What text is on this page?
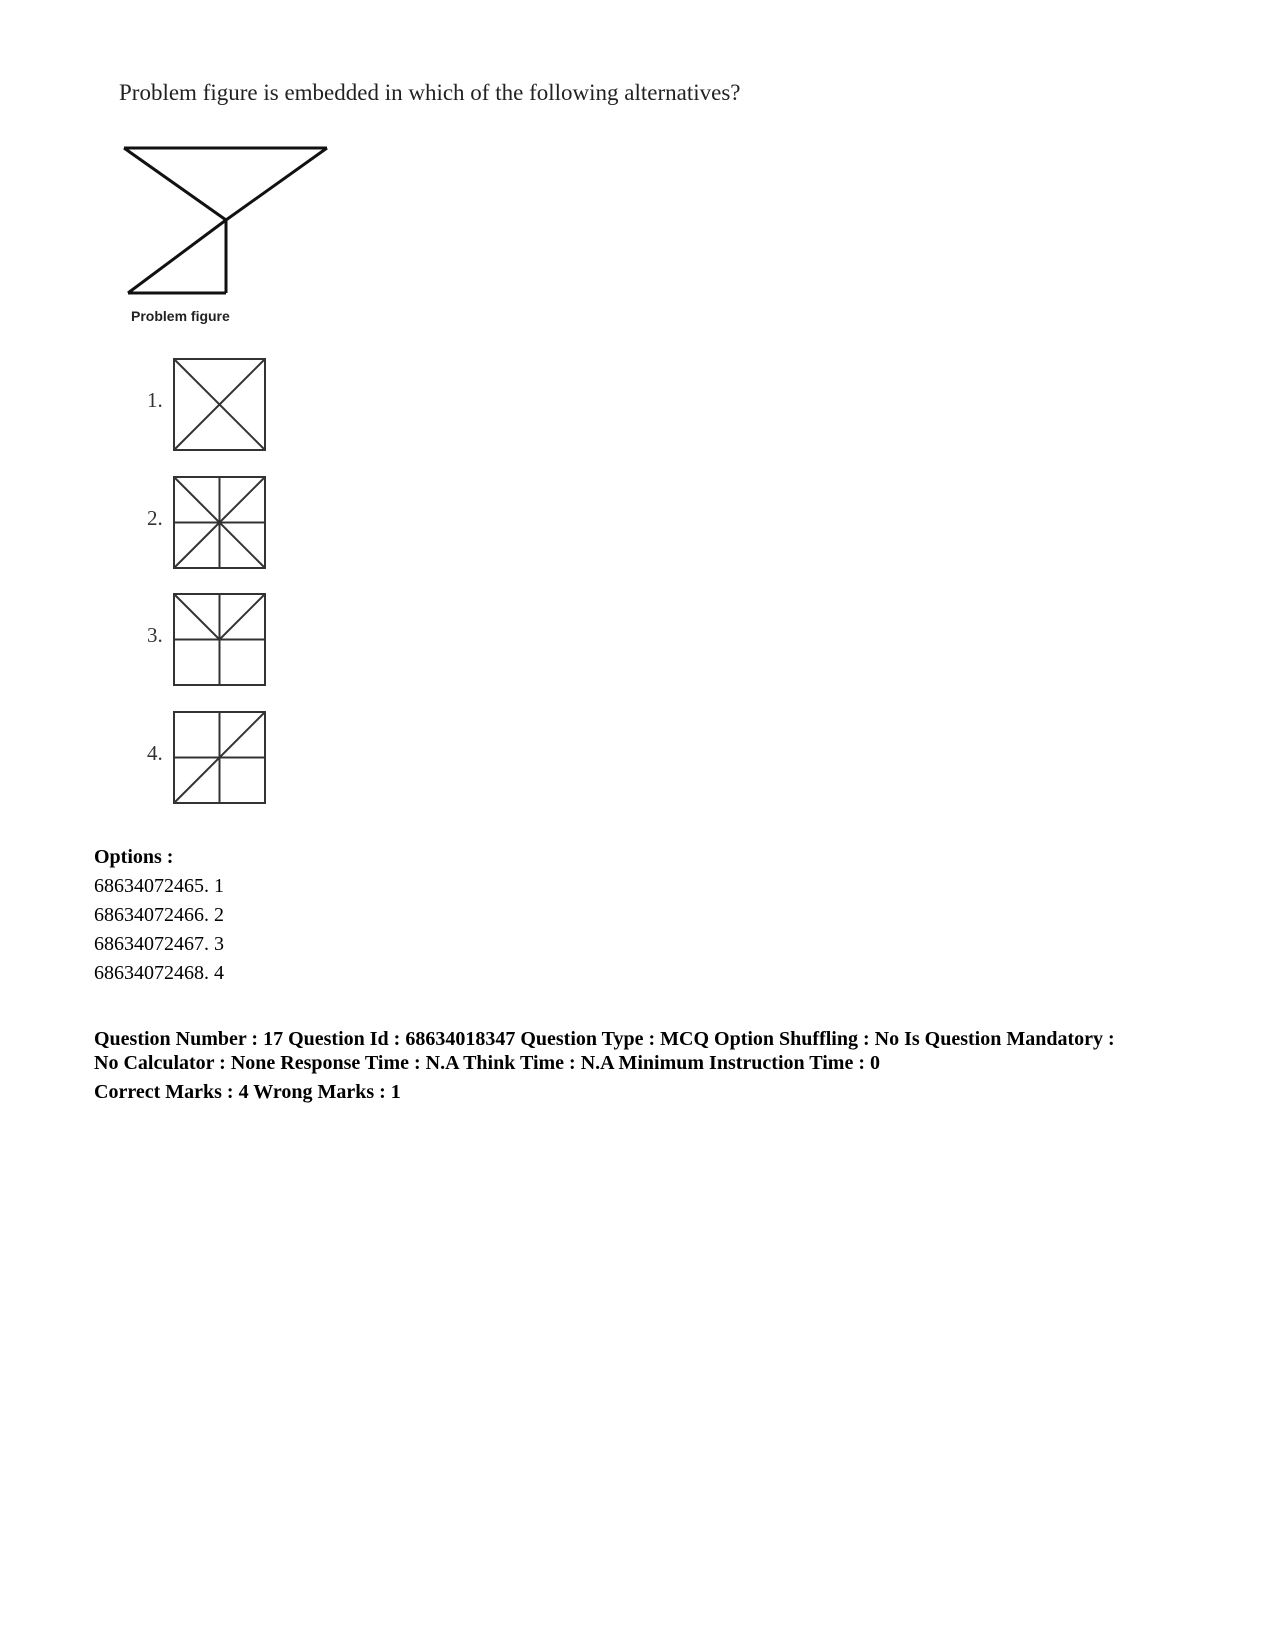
Problem figure is embedded in which of the following alternatives?
Problem figure
1.
2.
3.
4.
Options :
68634072465. 1
68634072466. 2
68634072467. 3
68634072468. 4
Question Number : 17 Question Id : 68634018347 Question Type : MCQ Option Shuffling : No Is Question Mandatory :
No Calculator : None Response Time : N.A Think Time : N.A Minimum Instruction Time : 0
Correct Marks : 4 Wrong Marks : 1
